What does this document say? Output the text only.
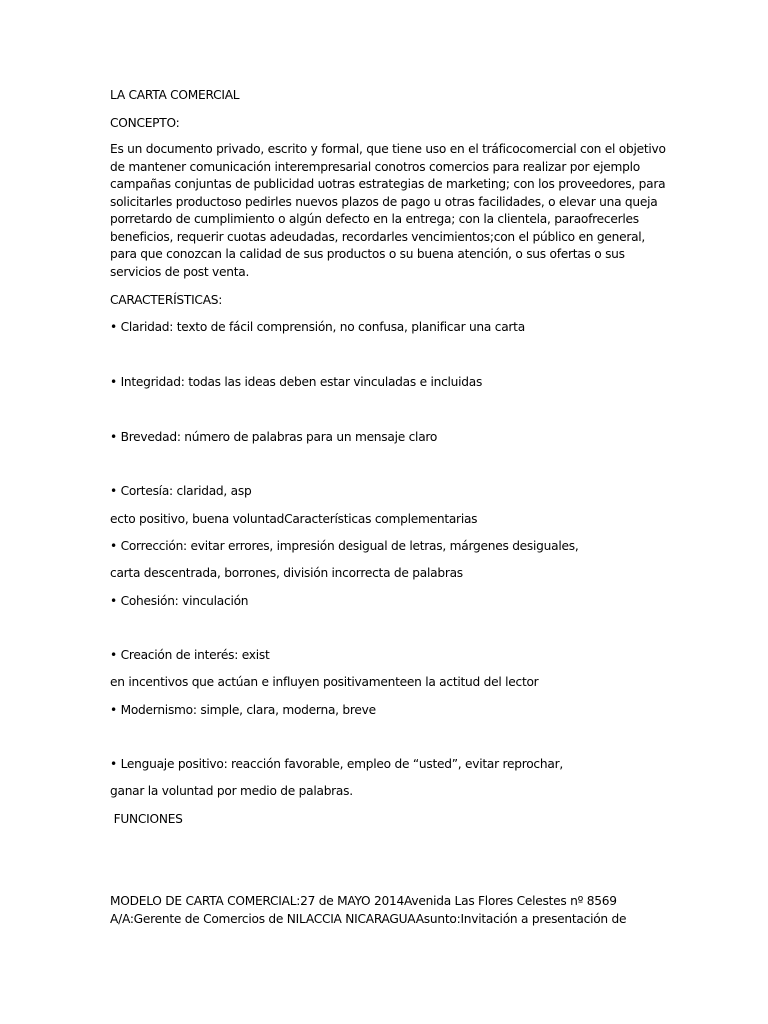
LA CARTA COMERCIAL
CONCEPTO:
Es un documento privado, escrito y formal, que tiene uso en el tráficocomercial con el objetivo
de mantener comunicación interempresarial conotros comercios para realizar por ejemplo
campañas conjuntas de publicidad uotras estrategias de marketing; con los proveedores, para
solicitarles productoso pedirles nuevos plazos de pago u otras facilidades, o elevar una queja
porretardo de cumplimiento o algún defecto en la entrega; con la clientela, paraofrecerles
beneficios, requerir cuotas adeudadas, recordarles vencimientos;con el público en general,
para que conozcan la calidad de sus productos o su buena atención, o sus ofertas o sus
servicios de post venta.
CARACTERÍSTICAS:
• Claridad: texto de fácil comprensión, no confusa, planificar una carta
• Integridad: todas las ideas deben estar vinculadas e incluidas
• Brevedad: número de palabras para un mensaje claro
• Cortesía: claridad, asp
ecto positivo, buena voluntadCaracterísticas complementarias
• Corrección: evitar errores, impresión desigual de letras, márgenes desiguales,
carta descentrada, borrones, división incorrecta de palabras
• Cohesión: vinculación
• Creación de interés: exist
en incentivos que actúan e influyen positivamenteen la actitud del lector
• Modernismo: simple, clara, moderna, breve
• Lenguaje positivo: reacción favorable, empleo de “usted”, evitar reprochar,
ganar la voluntad por medio de palabras.
FUNCIONES
MODELO DE CARTA COMERCIAL:27 de MAYO 2014Avenida Las Flores Celestes nº 8569
A/A:Gerente de Comercios de NILACCIA NICARAGUAAsunto:Invitación a presentación de
